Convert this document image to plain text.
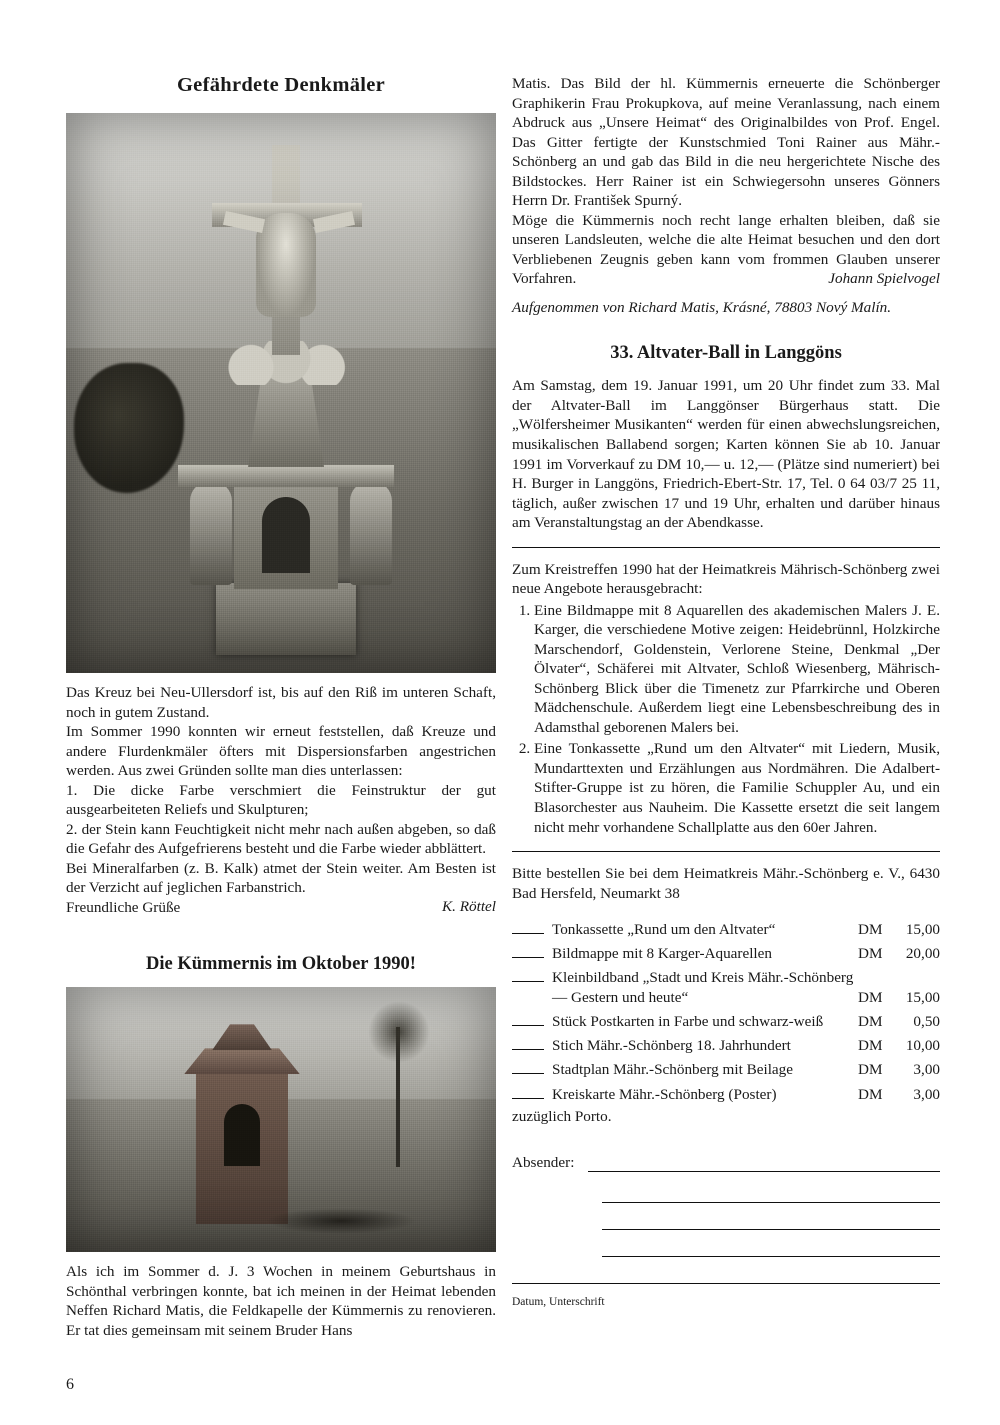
Gefährdete Denkmäler

Das Kreuz bei Neu-Ullersdorf ist, bis auf den Riß im unteren Schaft, noch in gutem Zustand.

Im Sommer 1990 konnten wir erneut feststellen, daß Kreuze und andere Flurdenkmäler öfters mit Dispersionsfarben angestrichen werden. Aus zwei Gründen sollte man dies unterlassen:

1. Die dicke Farbe verschmiert die Feinstruktur der gut ausgearbeiteten Reliefs und Skulpturen;

2. der Stein kann Feuchtigkeit nicht mehr nach außen abgeben, so daß die Gefahr des Aufgefrierens besteht und die Farbe wieder abblättert.

Bei Mineralfarben (z. B. Kalk) atmet der Stein weiter. Am Besten ist der Verzicht auf jeglichen Farbanstrich.

Freundliche Grüße	K. Röttel
Die Kümmernis im Oktober 1990!

Als ich im Sommer d. J. 3 Wochen in meinem Geburtshaus in Schönthal verbringen konnte, bat ich meinen in der Heimat lebenden Neffen Richard Matis, die Feldkapelle der Kümmernis zu renovieren. Er tat dies gemeinsam mit seinem Bruder Hans

Matis. Das Bild der hl. Kümmernis erneuerte die Schönberger Graphikerin Frau Prokupkova, auf meine Veranlassung, nach einem Abdruck aus „Unsere Heimat“ des Originalbildes von Prof. Engel. Das Gitter fertigte der Kunstschmied Toni Rainer aus Mähr.-Schönberg an und gab das Bild in die neu hergerichtete Nische des Bildstockes. Herr Rainer ist ein Schwiegersohn unseres Gönners Herrn Dr. František Spurný.

Möge die Kümmernis noch recht lange erhalten bleiben, daß sie unseren Landsleuten, welche die alte Heimat besuchen und den dort Verbliebenen Zeugnis geben kann vom frommen Glauben unserer Vorfahren.	Johann Spielvogel

Aufgenommen von Richard Matis, Krásné, 78803 Nový Malín.

33. Altvater-Ball in Langgöns

Am Samstag, dem 19. Januar 1991, um 20 Uhr findet zum 33. Mal der Altvater-Ball im Langgönser Bürgerhaus statt. Die „Wölfersheimer Musikanten“ werden für einen abwechslungsreichen, musikalischen Ballabend sorgen; Karten können Sie ab 10. Januar 1991 im Vorverkauf zu DM 10,— u. 12,— (Plätze sind numeriert) bei H. Burger in Langgöns, Friedrich-Ebert-Str. 17, Tel. 0 64 03/7 25 11, täglich, außer zwischen 17 und 19 Uhr, erhalten und darüber hinaus am Veranstaltungstag an der Abendkasse.

Zum Kreistreffen 1990 hat der Heimatkreis Mährisch-Schönberg zwei neue Angebote herausgebracht:

1. Eine Bildmappe mit 8 Aquarellen des akademischen Malers J. E. Karger, die verschiedene Motive zeigen: Heidebrünnl, Holzkirche Marschendorf, Goldenstein, Verlorene Steine, Denkmal „Der Ölvater“, Schäferei mit Altvater, Schloß Wiesenberg, Mährisch-Schönberg Blick über die Timenetz zur Pfarrkirche und Oberen Mädchenschule. Außerdem liegt eine Lebensbeschreibung des in Adamsthal geborenen Malers bei.
2. Eine Tonkassette „Rund um den Altvater“ mit Liedern, Musik, Mundarttexten und Erzählungen aus Nordmähren. Die Adalbert-Stifter-Gruppe ist zu hören, die Familie Schuppler Au, und ein Blasorchester aus Nauheim. Die Kassette ersetzt die seit langem nicht mehr vorhandene Schallplatte aus den 60er Jahren.

Bitte bestellen Sie bei dem Heimatkreis Mähr.-Schönberg e. V., 6430 Bad Hersfeld, Neumarkt 38

	Tonkassette „Rund um den Altvater“	DM	15,00
	Bildmappe mit 8 Karger-Aquarellen	DM	20,00
	Kleinbildband „Stadt und Kreis Mähr.-Schönberg — Gestern und heute“	DM	15,00
	Stück Postkarten in Farbe und schwarz-weiß	DM	0,50
	Stich Mähr.-Schönberg 18. Jahrhundert	DM	10,00
	Stadtplan Mähr.-Schönberg mit Beilage	DM	3,00
	Kreiskarte Mähr.-Schönberg (Poster)	DM	3,00

zuzüglich Porto.

Absender:
Datum, Unterschrift
6
